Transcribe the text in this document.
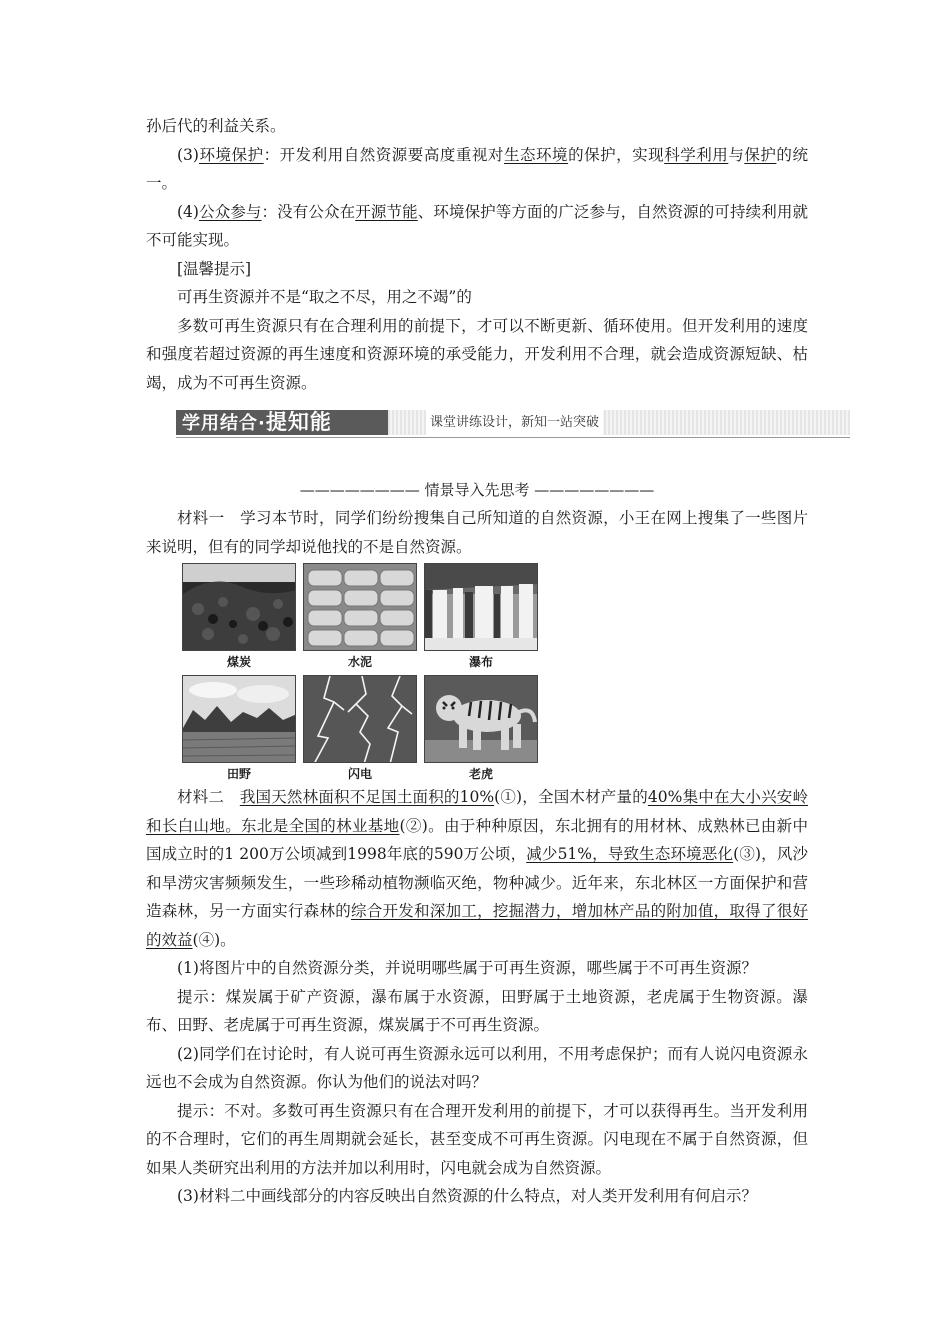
孙后代的利益关系。

(3)环境保护：开发利用自然资源要高度重视对生态环境的保护，实现科学利用与保护的统一。

(4)公众参与：没有公众在开源节能、环境保护等方面的广泛参与，自然资源的可持续利用就不可能实现。

[温馨提示]

可再生资源并不是“取之不尽，用之不竭”的

多数可再生资源只有在合理利用的前提下，才可以不断更新、循环使用。但开发利用的速度和强度若超过资源的再生速度和资源环境的承受能力，开发利用不合理，就会造成资源短缺、枯竭，成为不可再生资源。

学用结合·提知能	课堂讲练设计，新知一站突破
———————— 情景导入先思考 ————————

材料一　学习本节时，同学们纷纷搜集自己所知道的自然资源，小王在网上搜集了一些图片来说明，但有的同学却说他找的不是自然资源。

煤炭	水泥	瀑布
田野	闪电	老虎

材料二　我国天然林面积不足国土面积的10%(①)，全国木材产量的40%集中在大小兴安岭和长白山地。东北是全国的林业基地(②)。由于种种原因，东北拥有的用材林、成熟林已由新中国成立时的1 200万公顷减到1998年底的590万公顷，减少51%，导致生态环境恶化(③)，风沙和旱涝灾害频频发生，一些珍稀动植物濒临灭绝，物种减少。近年来，东北林区一方面保护和营造森林，另一方面实行森林的综合开发和深加工，挖掘潜力，增加林产品的附加值，取得了很好的效益(④)。

(1)将图片中的自然资源分类，并说明哪些属于可再生资源，哪些属于不可再生资源？

提示：煤炭属于矿产资源，瀑布属于水资源，田野属于土地资源，老虎属于生物资源。瀑布、田野、老虎属于可再生资源，煤炭属于不可再生资源。

(2)同学们在讨论时，有人说可再生资源永远可以利用，不用考虑保护；而有人说闪电资源永远也不会成为自然资源。你认为他们的说法对吗？

提示：不对。多数可再生资源只有在合理开发利用的前提下，才可以获得再生。当开发利用的不合理时，它们的再生周期就会延长，甚至变成不可再生资源。闪电现在不属于自然资源，但如果人类研究出利用的方法并加以利用时，闪电就会成为自然资源。

(3)材料二中画线部分的内容反映出自然资源的什么特点，对人类开发利用有何启示？
